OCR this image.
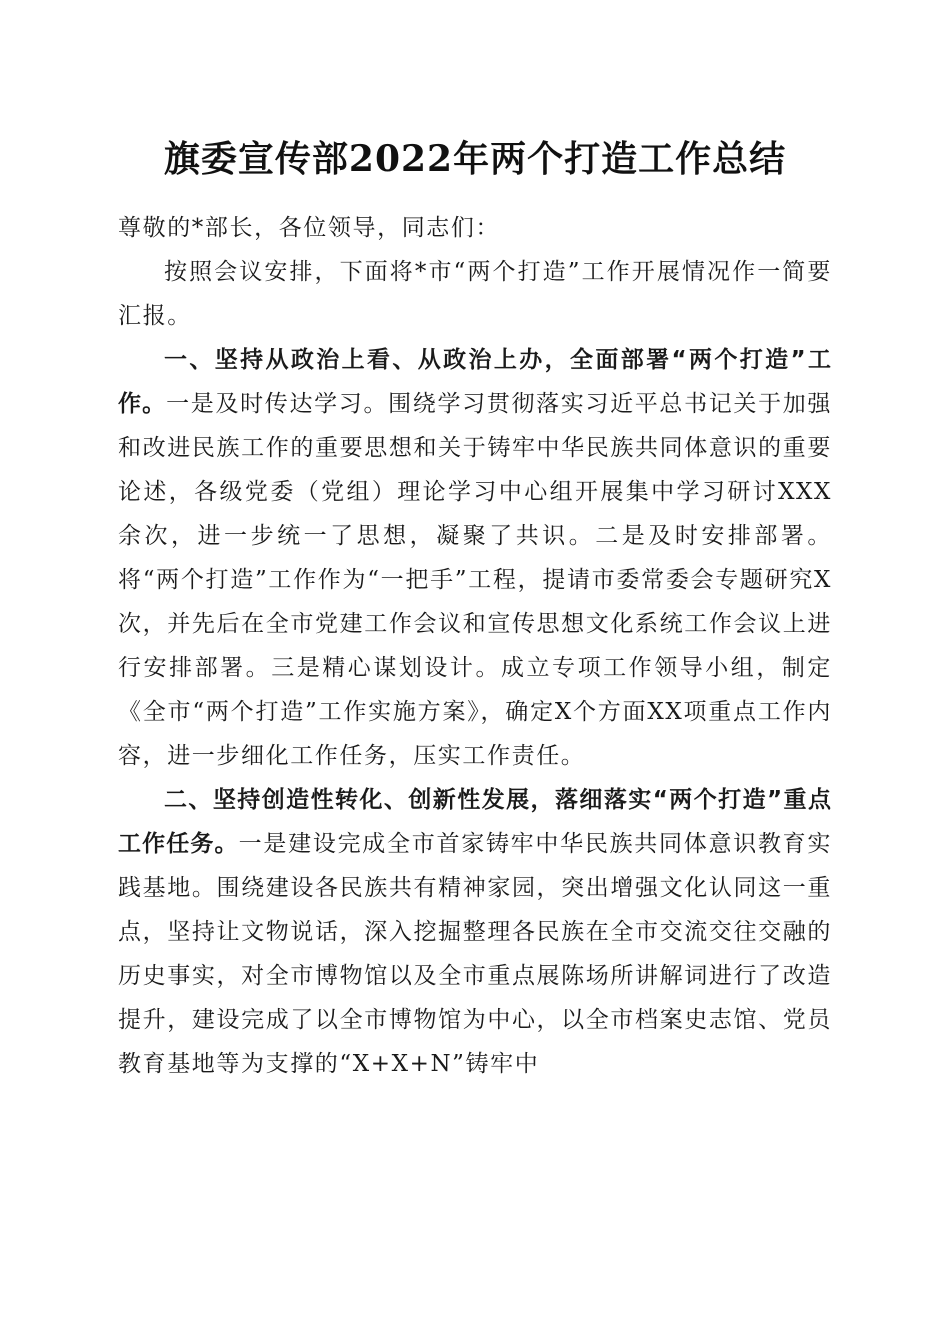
旗委宣传部2022年两个打造工作总结

尊敬的*部长，各位领导，同志们：

按照会议安排，下面将*市“两个打造”工作开展情况作一简要汇报。

一、坚持从政治上看、从政治上办，全面部署“两个打造”工作。一是及时传达学习。围绕学习贯彻落实习近平总书记关于加强和改进民族工作的重要思想和关于铸牢中华民族共同体意识的重要论述，各级党委（党组）理论学习中心组开展集中学习研讨XXX余次，进一步统一了思想，凝聚了共识。二是及时安排部署。将“两个打造”工作作为“一把手”工程，提请市委常委会专题研究X次，并先后在全市党建工作会议和宣传思想文化系统工作会议上进行安排部署。三是精心谋划设计。成立专项工作领导小组，制定《全市“两个打造”工作实施方案》，确定X个方面XX项重点工作内容，进一步细化工作任务，压实工作责任。

二、坚持创造性转化、创新性发展，落细落实“两个打造”重点工作任务。一是建设完成全市首家铸牢中华民族共同体意识教育实践基地。围绕建设各民族共有精神家园，突出增强文化认同这一重点，坚持让文物说话，深入挖掘整理各民族在全市交流交往交融的历史事实，对全市博物馆以及全市重点展陈场所讲解词进行了改造提升，建设完成了以全市博物馆为中心，以全市档案史志馆、党员教育基地等为支撑的“X+X+N”铸牢中
